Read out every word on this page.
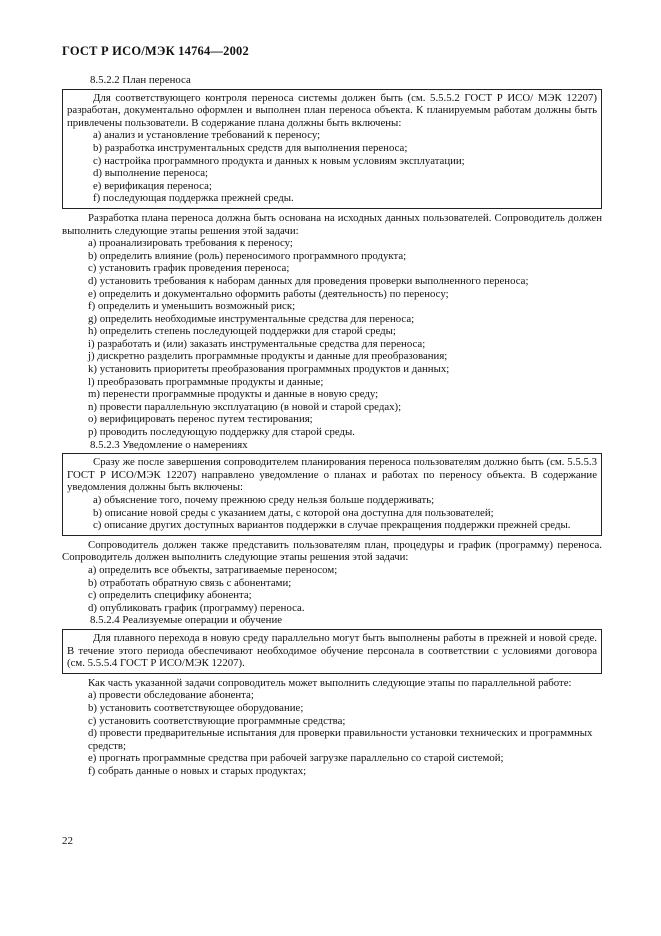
ГОСТ Р ИСО/МЭК 14764—2002
8.5.2.2 План переноса

Для соответствующего контроля переноса системы должен быть (см. 5.5.5.2 ГОСТ Р ИСО/ МЭК 12207) разработан, документально оформлен и выполнен план переноса объекта. К планируемым работам должны быть привлечены пользователи. В содержание плана должны быть включены:

a) анализ и установление требований к переносу;
b) разработка инструментальных средств для выполнения переноса;
c) настройка программного продукта и данных к новым условиям эксплуатации;
d) выполнение переноса;
e) верификация переноса;
f) последующая поддержка прежней среды.

Разработка плана переноса должна быть основана на исходных данных пользователей. Сопроводитель должен выполнить следующие этапы решения этой задачи:

a) проанализировать требования к переносу;
b) определить влияние (роль) переносимого программного продукта;
c) установить график проведения переноса;
d) установить требования к наборам данных для проведения проверки выполненного переноса;
e) определить и документально оформить работы (деятельность) по переносу;
f) определить и уменьшить возможный риск;
g) определить необходимые инструментальные средства для переноса;
h) определить степень последующей поддержки для старой среды;
i) разработать и (или) заказать инструментальные средства для переноса;
j) дискретно разделить программные продукты и данные для преобразования;
k) установить приоритеты преобразования программных продуктов и данных;
l) преобразовать программные продукты и данные;
m) перенести программные продукты и данные в новую среду;
n) провести параллельную эксплуатацию (в новой и старой средах);
o) верифицировать перенос путем тестирования;
p) проводить последующую поддержку для старой среды.
8.5.2.3 Уведомление о намерениях

Сразу же после завершения сопроводителем планирования переноса пользователям должно быть (см. 5.5.5.3 ГОСТ Р ИСО/МЭК 12207) направлено уведомление о планах и работах по переносу объекта. В содержание уведомления должны быть включены:

a) объяснение того, почему прежнюю среду нельзя больше поддерживать;
b) описание новой среды с указанием даты, с которой она доступна для пользователей;
c) описание других доступных вариантов поддержки в случае прекращения поддержки прежней среды.

Сопроводитель должен также представить пользователям план, процедуры и график (программу) переноса. Сопроводитель должен выполнить следующие этапы решения этой задачи:

a) определить все объекты, затрагиваемые переносом;
b) отработать обратную связь с абонентами;
c) определить специфику абонента;
d) опубликовать график (программу) переноса.
8.5.2.4 Реализуемые операции и обучение

Для плавного перехода в новую среду параллельно могут быть выполнены работы в прежней и новой среде. В течение этого периода обеспечивают необходимое обучение персонала в соответствии с условиями договора (см. 5.5.5.4 ГОСТ Р ИСО/МЭК 12207).

Как часть указанной задачи сопроводитель может выполнить следующие этапы по параллельной работе:

a) провести обследование абонента;
b) установить соответствующее оборудование;
c) установить соответствующие программные средства;
d) провести предварительные испытания для проверки правильности установки технических и программных средств;
e) прогнать программные средства при рабочей загрузке параллельно со старой системой;
f) собрать данные о новых и старых продуктах;
22
